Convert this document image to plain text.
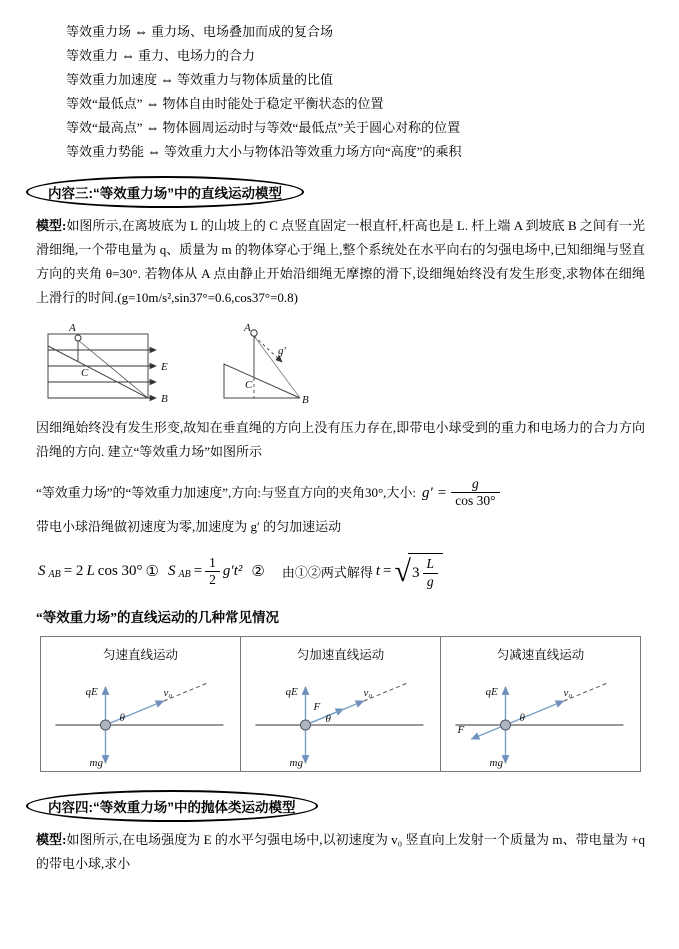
等效重力场 ⇔ 重力场、电场叠加而成的复合场
等效重力 ⇔ 重力、电场力的合力
等效重力加速度 ⇔ 等效重力与物体质量的比值
等效“最低点” ⇔ 物体自由时能处于稳定平衡状态的位置
等效“最高点” ⇔ 物体圆周运动时与等效“最低点”关于圆心对称的位置
等效重力势能 ⇔ 等效重力大小与物体沿等效重力场方向“高度”的乘积
内容三:“等效重力场”中的直线运动模型
模型:如图所示,在离坡底为 L 的山坡上的 C 点竖直固定一根直杆,杆高也是 L. 杆上端 A 到坡底 B 之间有一光滑细绳,一个带电量为 q、质量为 m 的物体穿心于绳上,整个系统处在水平向右的匀强电场中,已知细绳与竖直方向的夹角 θ=30°. 若物体从 A 点由静止开始沿细绳无摩擦的滑下,设细绳始终没有发生形变,求物体在细绳上滑行的时间.(g=10m/s²,sin37°=0.6,cos37°=0.8)
A
E
C
B
A
g′
C
B
因细绳始终没有发生形变,故知在垂直绳的方向上没有压力存在,即带电小球受到的重力和电场力的合力方向沿绳的方向. 建立“等效重力场”如图所示
“等效重力场”的“等效重力加速度”,方向:与竖直方向的夹角30°,大小: $g' = \frac{g}{\cos 30^\circ}$
带电小球沿绳做初速度为零,加速度为 g′ 的匀加速运动
S $_{AB}$ = 2 L cos 30° ① S $_{AB} = \frac{1}{2} g't^2$ ② 由①②两式解得 t = √ $3 \frac{L}{g}$
“等效重力场”的直线运动的几种常见情况
匀速直线运动
qE	v₀
θ
mg
匀加速直线运动
qE	v₀
F
θ
mg
匀减速直线运动
qE	v₀
F
θ
mg
内容四:“等效重力场”中的抛体类运动模型
模型:如图所示,在电场强度为 E 的水平匀强电场中,以初速度为 v₀ 竖直向上发射一个质量为 m、带电量为 +q 的带电小球,求小
